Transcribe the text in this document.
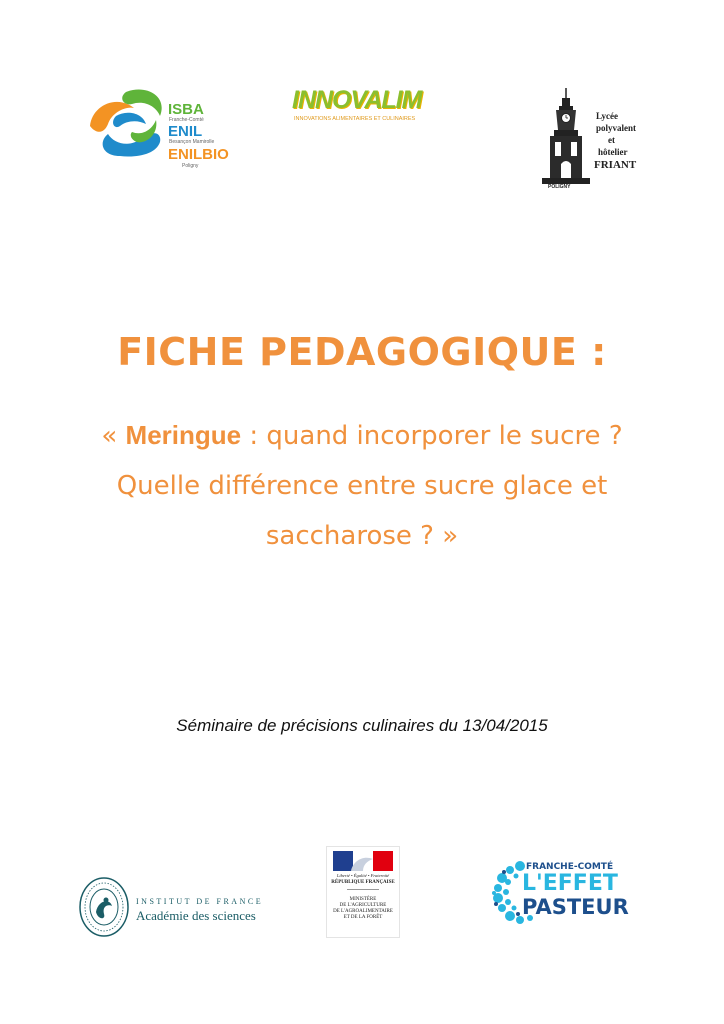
ISBA
Franche-Comté
ENIL
Besançon Mamirolle
ENILBIO
Poligny
INNOVALIM
INNOVATIONS ALIMENTAIRES ET CULINAIRES
POLIGNY
Lycée
polyvalent
et
hôtelier
FRIANT
FICHE PEDAGOGIQUE :
« Meringue : quand incorporer le sucre ? Quelle différence entre sucre glace et saccharose ? »
Séminaire de précisions culinaires du 13/04/2015
INSTITUT DE FRANCE
Académie des sciences
Liberté • Égalité • Fraternité
RÉPUBLIQUE FRANÇAISE
MINISTÈRE
DE L'AGRICULTURE
DE L'AGROALIMENTAIRE
ET DE LA FORÊT
FRANCHE-COMTÉ
L'EFFET
PASTEUR
